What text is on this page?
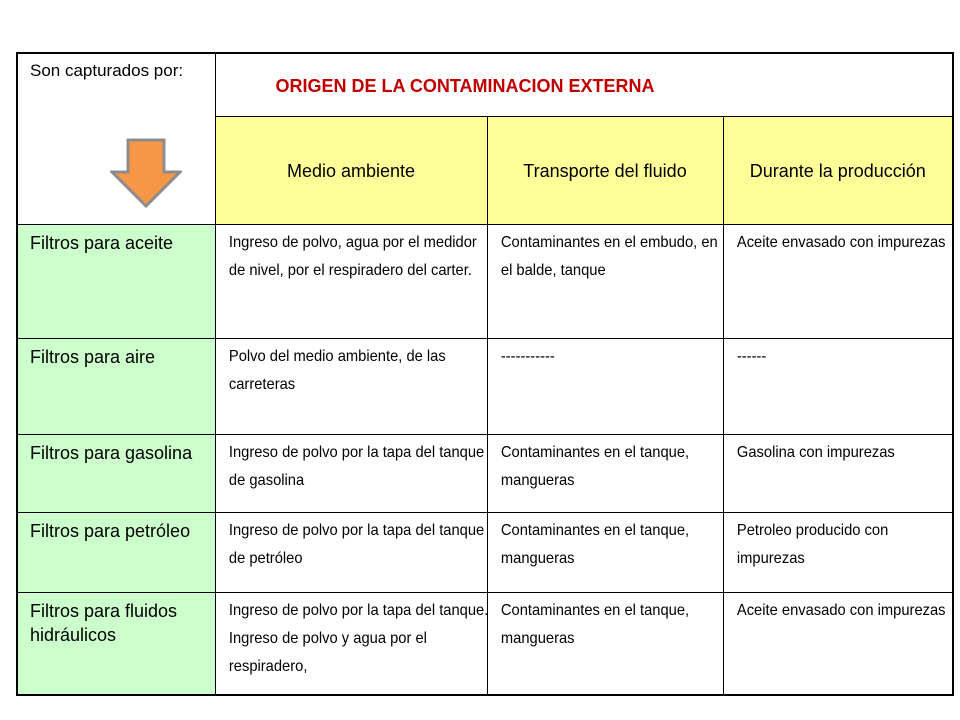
Son capturados por:	ORIGEN DE LA CONTAMINACION EXTERNA		

	Medio ambiente	Transporte del fluido	Durante la producción

Filtros para aceite	Ingreso de polvo, agua por el medidor de nivel, por el respiradero del carter.	Contaminantes en el embudo, en el balde, tanque	Aceite envasado con impurezas

Filtros para aire	Polvo del medio ambiente, de las carreteras	-----------	------

Filtros para gasolina	Ingreso de polvo por la tapa del tanque de gasolina	Contaminantes en el tanque, mangueras	Gasolina con impurezas

Filtros para petróleo	Ingreso de polvo por la tapa del tanque de petróleo	Contaminantes en el tanque, mangueras	Petroleo producido con impurezas

Filtros para fluidos hidráulicos	Ingreso de polvo por la tapa del tanque. Ingreso de polvo y agua por el respiradero,	Contaminantes en el tanque, mangueras	Aceite envasado con impurezas
